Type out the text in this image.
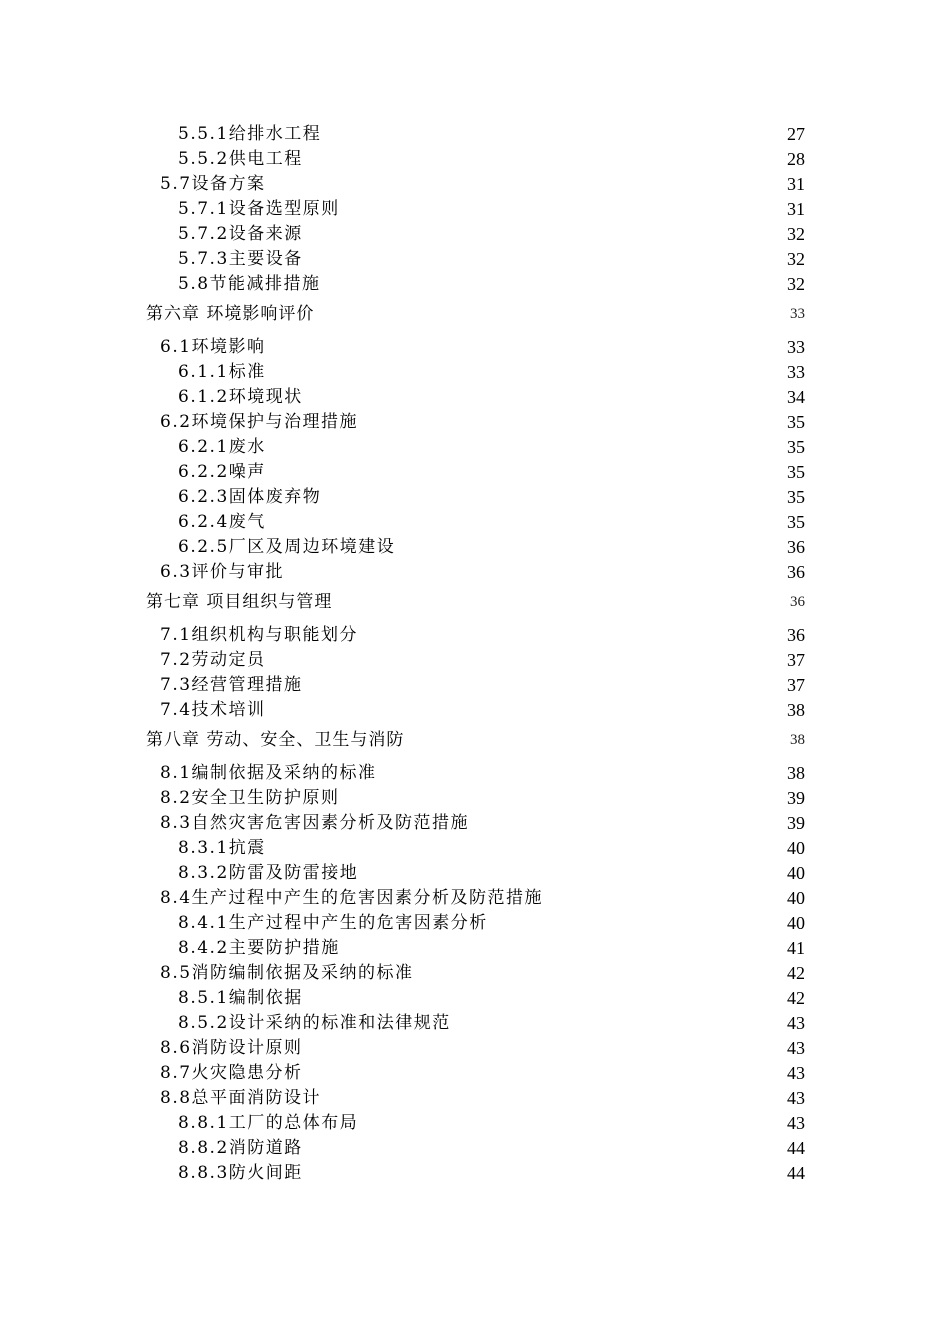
5.5.1给排水工程	27
5.5.2供电工程	28
5.7设备方案	31
5.7.1设备选型原则	31
5.7.2设备来源	32
5.7.3主要设备	32
5.8节能减排措施	32
第六章 环境影响评价	33
6.1环境影响	33
6.1.1标准	33
6.1.2环境现状	34
6.2环境保护与治理措施	35
6.2.1废水	35
6.2.2噪声	35
6.2.3固体废弃物	35
6.2.4废气	35
6.2.5厂区及周边环境建设	36
6.3评价与审批	36
第七章 项目组织与管理	36
7.1组织机构与职能划分	36
7.2劳动定员	37
7.3经营管理措施	37
7.4技术培训	38
第八章 劳动、安全、卫生与消防	38
8.1编制依据及采纳的标准	38
8.2安全卫生防护原则	39
8.3自然灾害危害因素分析及防范措施	39
8.3.1抗震	40
8.3.2防雷及防雷接地	40
8.4生产过程中产生的危害因素分析及防范措施	40
8.4.1生产过程中产生的危害因素分析	40
8.4.2主要防护措施	41
8.5消防编制依据及采纳的标准	42
8.5.1编制依据	42
8.5.2设计采纳的标准和法律规范	43
8.6消防设计原则	43
8.7火灾隐患分析	43
8.8总平面消防设计	43
8.8.1工厂的总体布局	43
8.8.2消防道路	44
8.8.3防火间距	44
